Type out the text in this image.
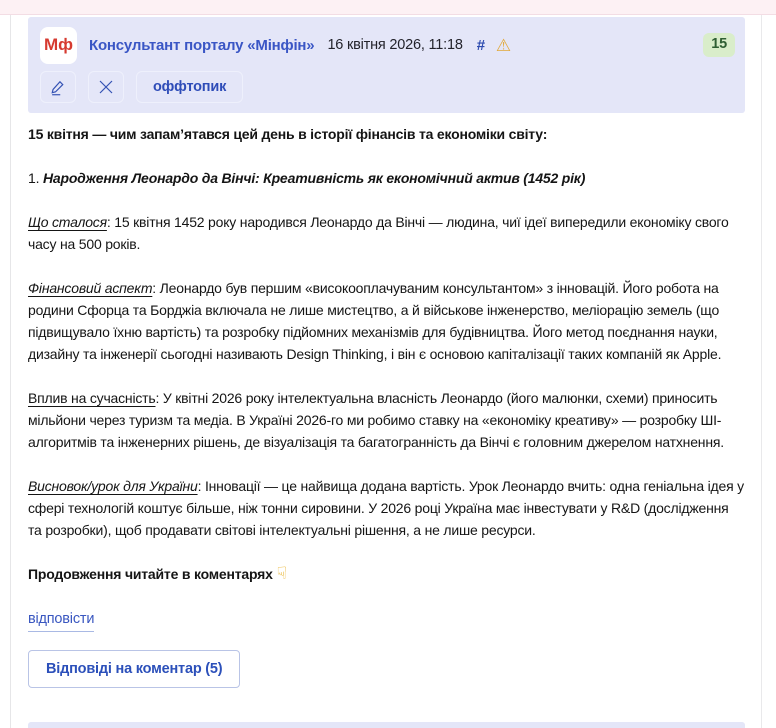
Мф Консультант порталу «Мінфін» 16 квітня 2026, 11:18 # ⚠	15
оффтопик

15 квітня — чим запам’ятався цей день в історії фінансів та економіки світу:

1. Народження Леонардо да Вінчі: Креативність як економічний актив (1452 рік)

Що сталося: 15 квітня 1452 року народився Леонардо да Вінчі — людина, чиї ідеї випередили економіку свого часу на 500 років.

Фінансовий аспект: Леонардо був першим «високооплачуваним консультантом» з інновацій. Його робота на родини Сфорца та Борджіа включала не лише мистецтво, а й військове інженерство, меліорацію земель (що підвищувало їхню вартість) та розробку підйомних механізмів для будівництва. Його метод поєднання науки, дизайну та інженерії сьогодні називають Design Thinking, і він є основою капіталізації таких компаній як Apple.

Вплив на сучасність: У квітні 2026 року інтелектуальна власність Леонардо (його малюнки, схеми) приносить мільйони через туризм та медіа. В Україні 2026-го ми робимо ставку на «економіку креативу» — розробку ШІ-алгоритмів та інженерних рішень, де візуалізація та багатогранність да Вінчі є головним джерелом натхнення.

Висновок/урок для України: Інновації — це найвища додана вартість. Урок Леонардо вчить: одна геніальна ідея у сфері технологій коштує більше, ніж тонни сировини. У 2026 році Україна має інвестувати у R&D (дослідження та розробки), щоб продавати світові інтелектуальні рішення, а не лише ресурси.

Продовження читайте в коментарях ☟

відповісти
Відповіді на коментар (5)
